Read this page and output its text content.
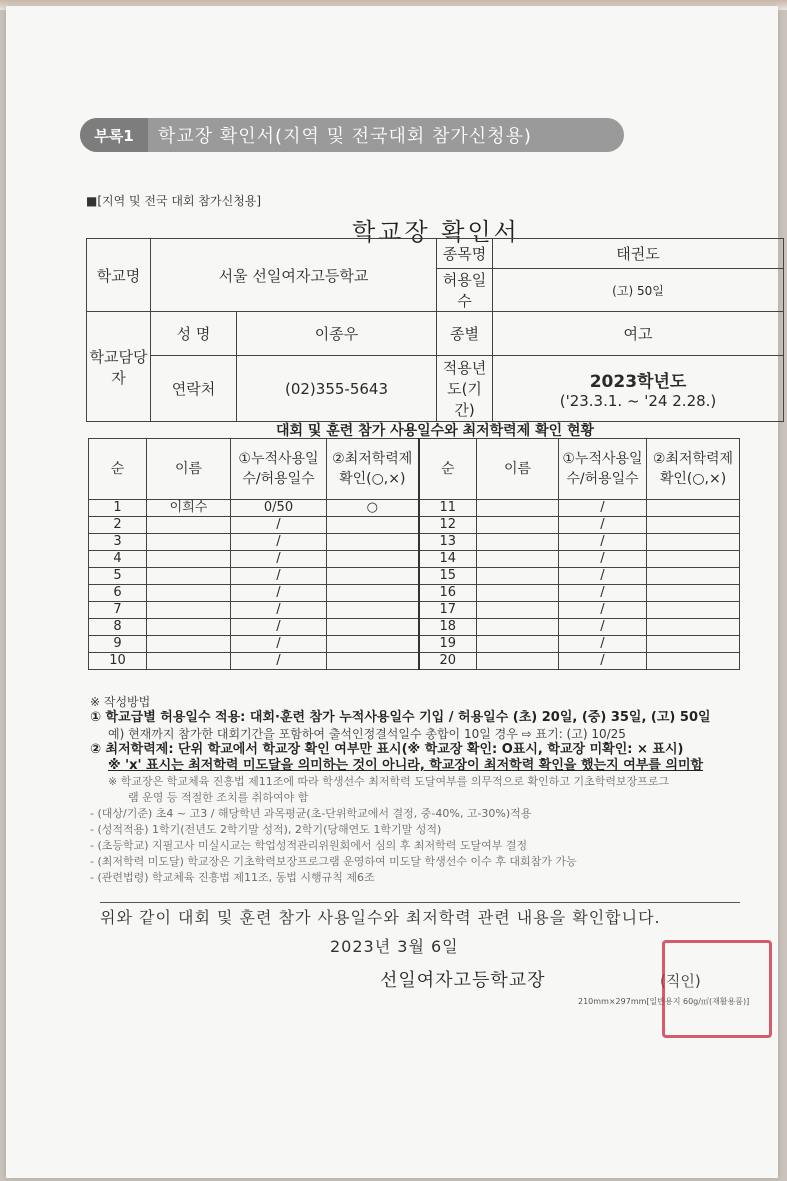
부록1	학교장 확인서(지역 및 전국대회 참가신청용)
■[지역 및 전국 대회 참가신청용]
학교장 확인서
학교명	서울 선일여자고등학교		종목명	태권도
			허용일수	(고) 50일
학교담당자	성 명	이종우	종별	여고
	연락처	(02)355-5643	적용년도(기간)	2023학년도
('23.3.1. ~ '24 2.28.)
대회 및 훈련 참가 사용일수와 최저학력제 확인 현황
순	이름	①누적사용일수/허용일수	②최저학력제확인(○,×)	순	이름	①누적사용일수/허용일수	②최저학력제확인(○,×)
1	이희수	0/50	○	11		/	
2		/		12		/	
3		/		13		/	
4		/		14		/	
5		/		15		/	
6		/		16		/	
7		/		17		/	
8		/		18		/	
9		/		19		/	
10		/		20		/	
※ 작성방법
① 학교급별 허용일수 적용: 대회·훈련 참가 누적사용일수 기입 / 허용일수 (초) 20일, (중) 35일, (고) 50일
예) 현재까지 참가한 대회기간을 포함하여 출석인정결석일수 총합이 10일 경우 ⇨ 표기: (고) 10/25
② 최저학력제: 단위 학교에서 학교장 확인 여부만 표시(※ 학교장 확인: O표시, 학교장 미확인: × 표시)
※ 'x' 표시는 최저학력 미도달을 의미하는 것이 아니라, 학교장이 최저학력 확인을 했는지 여부를 의미함
※ 학교장은 학교체육 진흥법 제11조에 따라 학생선수 최저학력 도달여부를 의무적으로 확인하고 기초학력보장프로그
램 운영 등 적절한 조치를 취하여야 함
- (대상/기준) 초4 ~ 고3 / 해당학년 과목평균(초-단위학교에서 결정, 중-40%, 고-30%)적용
- (성적적용) 1학기(전년도 2학기말 성적), 2학기(당해연도 1학기말 성적)
- (초등학교) 지필고사 미실시교는 학업성적관리위원회에서 심의 후 최저학력 도달여부 결정
- (최저학력 미도달) 학교장은 기초학력보장프로그램 운영하여 미도달 학생선수 이수 후 대회참가 가능
- (관련법령) 학교체육 진흥법 제11조, 동법 시행규칙 제6조
위와 같이 대회 및 훈련 참가 사용일수와 최저학력 관련 내용을 확인합니다.
2023년 3월 6일
선일여자고등학교장	(직인)
210mm×297mm[일반용지 60g/㎡(재활용품)]
